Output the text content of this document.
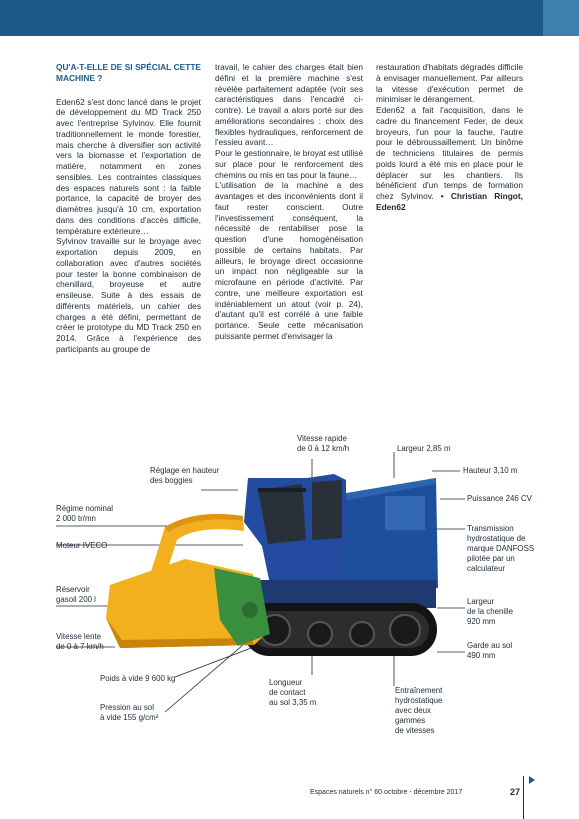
QU'A-T-ELLE DE SI SPÉCIAL CETTE MACHINE ?

Eden62 s'est donc lancé dans le projet de développement du MD Track 250 avec l'entreprise Sylvinov. Elle fournit traditionnellement le monde forestier, mais cherche à diversifier son activité vers la biomasse et l'exportation de matière, notamment en zones sensibles. Les contraintes classiques des espaces naturels sont : la faible portance, la capacité de broyer des diamètres jusqu'à 10 cm, exportation dans des conditions d'accès difficile, température extérieure…

Sylvinov travaille sur le broyage avec exportation depuis 2009, en collaboration avec d'autres sociétés pour tester la bonne combinaison de chenillard, broyeuse et autre ensileuse. Suite à des essais de différents matériels, un cahier des charges a été défini, permettant de créer le prototype du MD Track 250 en 2014. Grâce à l'expérience des participants au groupe de

travail, le cahier des charges était bien défini et la première machine s'est révélée parfaitement adaptée (voir ses caractéristiques dans l'encadré ci-contre). Le travail a alors porté sur des améliorations secondaires : choix des flexibles hydrauliques, renforcement de l'essieu avant…

Pour le gestionnaire, le broyat est utilisé sur place pour le renforcement des chemins ou mis en tas pour la faune…

L'utilisation de la machine a des avantages et des inconvénients dont il faut rester conscient. Outre l'investissement conséquent, la nécessité de rentabiliser pose la question d'une homogénéisation possible de certains habitats. Par ailleurs, le broyage direct occasionne un impact non négligeable sur la microfaune en période d'activité. Par contre, une meilleure exportation est indéniablement un atout (voir p. 24), d'autant qu'il est corrélé à une faible portance. Seule cette mécanisation puissante permet d'envisager la

restauration d'habitats dégradés difficile à envisager manuellement. Par ailleurs la vitesse d'exécution permet de minimiser le dérangement.

Eden62 a fait l'acquisition, dans le cadre du financement Feder, de deux broyeurs, l'un pour la fauche, l'autre pour le débroussaillement. Un binôme de techniciens titulaires de permis poids lourd a été mis en place pour le déplacer sur les chantiers. Ils bénéficient d'un temps de formation chez Sylvinov. • Christian Ringot, Eden62

Vitesse rapide
de 0 à 12 km/h	Largeur 2,85 m
Hauteur 3,10 m
Réglage en hauteur
des boggies
Puissance 246 CV
Régime nominal
2 000 tr/mn
Transmission
hydrostatique de
marque DANFOSS
pilotée par un
calculateur
Moteur IVECO
Réservoir
gasoil 200 l	Largeur
de la chenille
920 mm
Vitesse lente
de 0 à 7 km/h	Garde au sol
490 mm
Poids à vide 9 600 kg	Longueur
de contact
au sol 3,35 m
Entraînement
hydrostatique
avec deux
gammes
de vitesses
Pression au sol
à vide 155 g/cm²
Espaces naturels n° 60 octobre - décembre 2017	27
